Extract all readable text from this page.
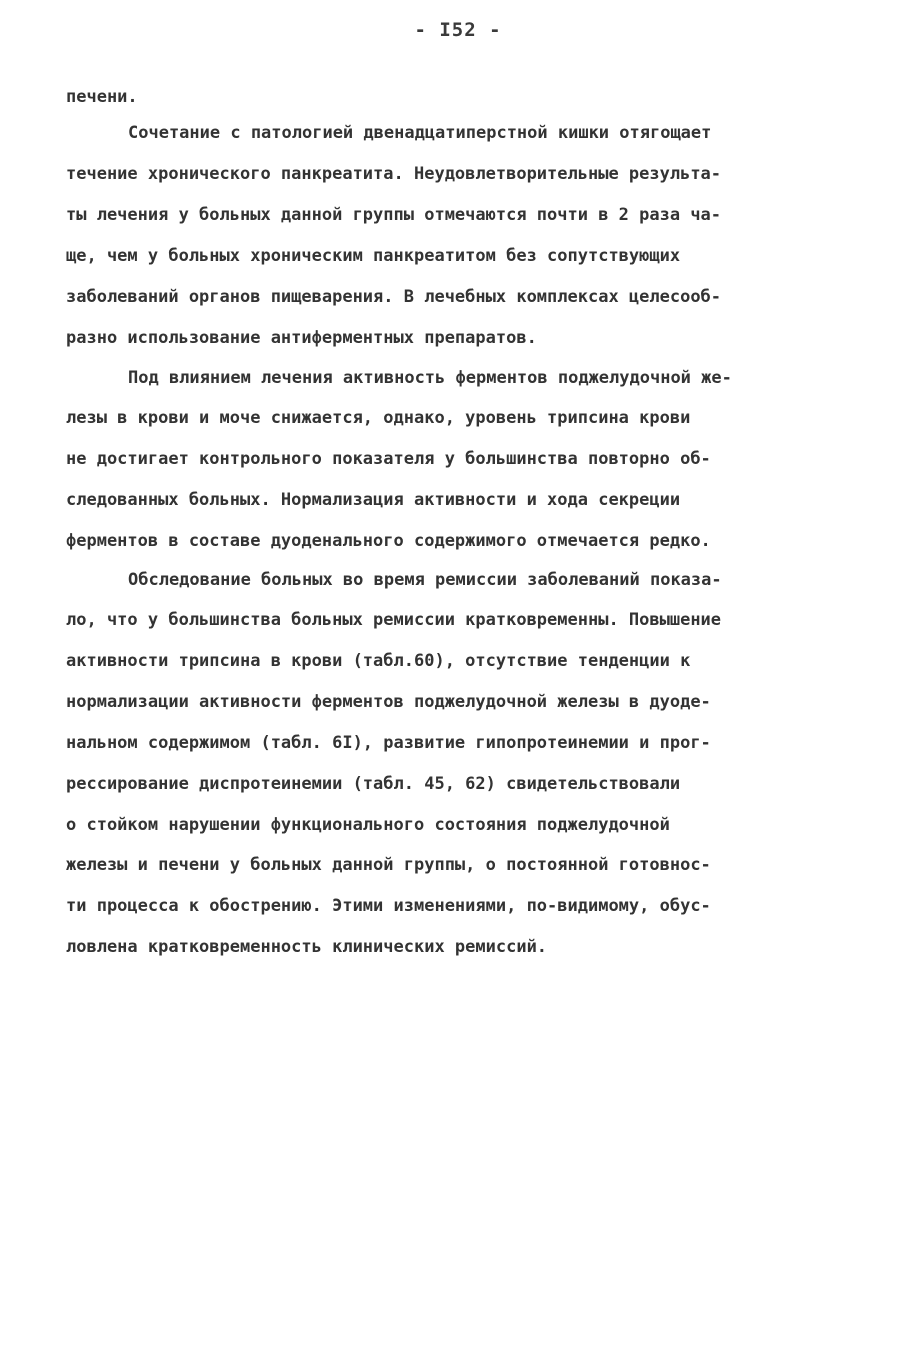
- I52 -
печени.
Сочетание с патологией двенадцатиперстной кишки отягощает
течение хронического панкреатита. Неудовлетворительные результа-
ты лечения у больных данной группы отмечаются почти в 2 раза ча-
ще, чем у больных хроническим панкреатитом без сопутствующих
заболеваний органов пищеварения. В лечебных комплексах целесооб-
разно использование антиферментных препаратов.
Под влиянием лечения активность ферментов поджелудочной же-
лезы в крови и моче снижается, однако, уровень трипсина крови
не достигает контрольного показателя у большинства повторно об-
следованных больных. Нормализация активности и хода секреции
ферментов в составе дуоденального содержимого отмечается редко.
Обследование больных во время ремиссии заболеваний показа-
ло, что у большинства больных ремиссии кратковременны. Повышение
активности трипсина в крови (табл.60), отсутствие тенденции к
нормализации активности ферментов поджелудочной железы в дуоде-
нальном содержимом (табл. 6I), развитие гипопротеинемии и прог-
рессирование диспротеинемии (табл. 45, 62) свидетельствовали
о стойком нарушении функционального состояния поджелудочной
железы и печени у больных данной группы, о постоянной готовнос-
ти процесса к обострению. Этими изменениями, по-видимому, обус-
ловлена кратковременность клинических ремиссий.
